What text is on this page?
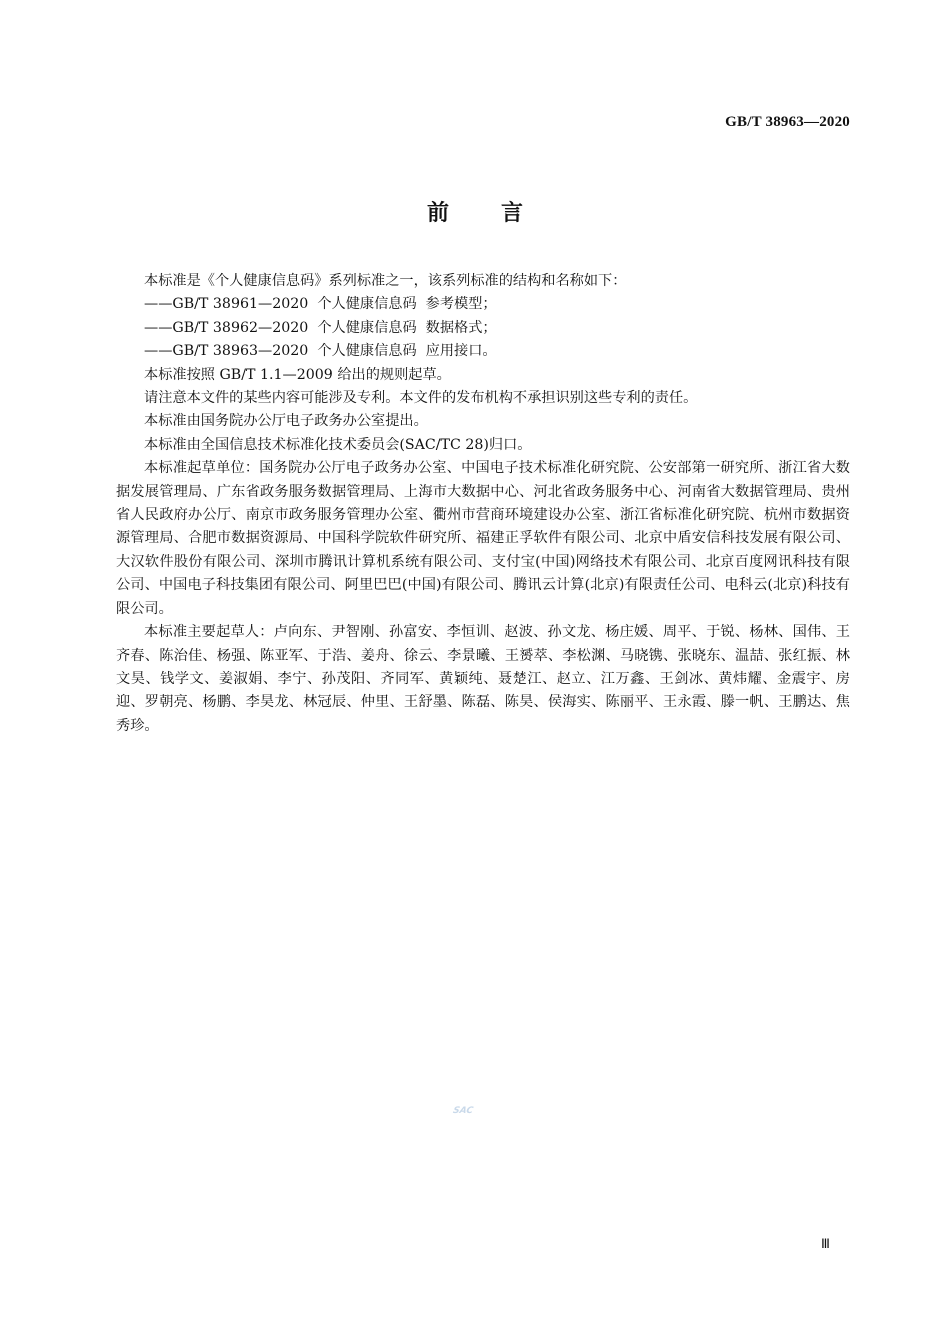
GB/T 38963—2020
前言

本标准是《个人健康信息码》系列标准之一，该系列标准的结构和名称如下：

——GB/T 38961—2020  个人健康信息码  参考模型；

——GB/T 38962—2020  个人健康信息码  数据格式；

——GB/T 38963—2020  个人健康信息码  应用接口。

本标准按照 GB/T 1.1—2009 给出的规则起草。

请注意本文件的某些内容可能涉及专利。本文件的发布机构不承担识别这些专利的责任。

本标准由国务院办公厅电子政务办公室提出。

本标准由全国信息技术标准化技术委员会(SAC/TC 28)归口。

本标准起草单位：国务院办公厅电子政务办公室、中国电子技术标准化研究院、公安部第一研究所、浙江省大数据发展管理局、广东省政务服务数据管理局、上海市大数据中心、河北省政务服务中心、河南省大数据管理局、贵州省人民政府办公厅、南京市政务服务管理办公室、衢州市营商环境建设办公室、浙江省标准化研究院、杭州市数据资源管理局、合肥市数据资源局、中国科学院软件研究所、福建正孚软件有限公司、北京中盾安信科技发展有限公司、大汉软件股份有限公司、深圳市腾讯计算机系统有限公司、支付宝(中国)网络技术有限公司、北京百度网讯科技有限公司、中国电子科技集团有限公司、阿里巴巴(中国)有限公司、腾讯云计算(北京)有限责任公司、电科云(北京)科技有限公司。

本标准主要起草人：卢向东、尹智刚、孙富安、李恒训、赵波、孙文龙、杨庄媛、周平、于锐、杨林、国伟、王齐春、陈治佳、杨强、陈亚军、于浩、姜舟、徐云、李景曦、王赟萃、李松渊、马晓镌、张晓东、温喆、张红振、林文昊、钱学文、姜淑娟、李宁、孙茂阳、齐同军、黄颖纯、聂楚江、赵立、江万鑫、王剑冰、黄炜耀、金震宇、房迎、罗朝亮、杨鹏、李昊龙、林冠辰、仲里、王舒墨、陈磊、陈昊、侯海实、陈丽平、王永霞、滕一帆、王鹏达、焦秀珍。

SAC
Ⅲ
